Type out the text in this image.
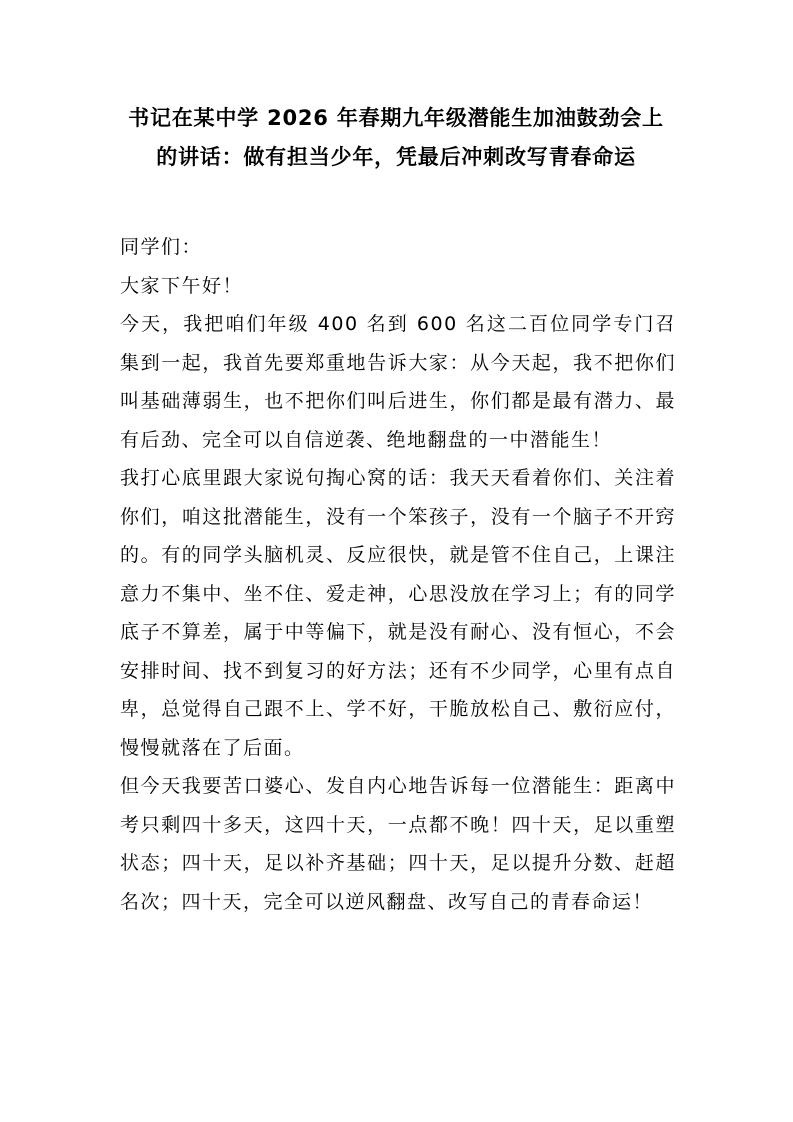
书记在某中学 2026 年春期九年级潜能生加油鼓劲会上的讲话：做有担当少年，凭最后冲刺改写青春命运

同学们：

大家下午好！

今天，我把咱们年级 400 名到 600 名这二百位同学专门召集到一起，我首先要郑重地告诉大家：从今天起，我不把你们叫基础薄弱生，也不把你们叫后进生，你们都是最有潜力、最有后劲、完全可以自信逆袭、绝地翻盘的一中潜能生！

我打心底里跟大家说句掏心窝的话：我天天看着你们、关注着你们，咱这批潜能生，没有一个笨孩子，没有一个脑子不开窍的。有的同学头脑机灵、反应很快，就是管不住自己，上课注意力不集中、坐不住、爱走神，心思没放在学习上；有的同学底子不算差，属于中等偏下，就是没有耐心、没有恒心，不会安排时间、找不到复习的好方法；还有不少同学，心里有点自卑，总觉得自己跟不上、学不好，干脆放松自己、敷衍应付，慢慢就落在了后面。

但今天我要苦口婆心、发自内心地告诉每一位潜能生：距离中考只剩四十多天，这四十天，一点都不晚！四十天，足以重塑状态；四十天，足以补齐基础；四十天，足以提升分数、赶超名次；四十天，完全可以逆风翻盘、改写自己的青春命运！
